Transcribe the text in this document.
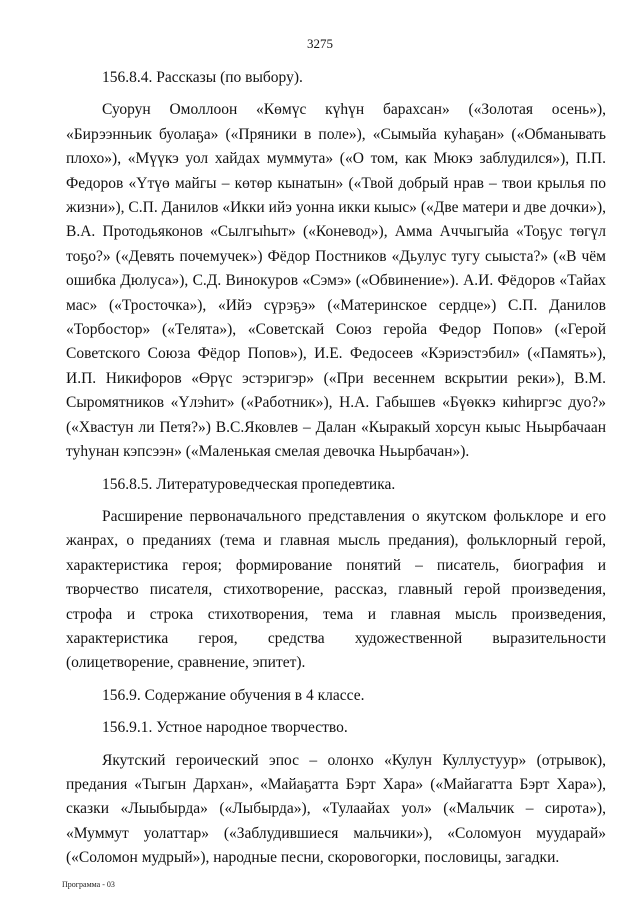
3275

156.8.4. Рассказы (по выбору).

Суорун Омоллоон «Көмүс күһүн барахсан» («Золотая осень»), «Бирээнньик буолаҕа» («Пряники в поле»), «Сымыйа куһаҕан» («Обманывать плохо»), «Мүүкэ уол хайдах муммута» («О том, как Мюкэ заблудился»), П.П. Федоров «Үтүө майгы – көтөр кынатын» («Твой добрый нрав – твои крылья по жизни»), С.П. Данилов «Икки ийэ уонна икки кыыс» («Две матери и две дочки»), В.А. Протодьяконов «Сылгыһыт» («Коневод»), Амма Аччыгыйа «Тоҕус төгүл тоҕо?» («Девять почемучек») Фёдор Постников «Дьулус тугу сыыста?» («В чём ошибка Дюлуса»), С.Д. Винокуров «Сэмэ» («Обвинение»). А.И. Фёдоров «Тайах мас» («Тросточка»), «Ийэ сүрэҕэ» («Материнское сердце») С.П. Данилов «Торбостор» («Телята»), «Советскай Союз геройа Федор Попов» («Герой Советского Союза Фёдор Попов»), И.Е. Федосеев «Кэриэстэбил» («Память»), И.П. Никифоров «Өрүс эстэригэр» («При весеннем вскрытии реки»), В.М. Сыромятников «Үлэһит» («Работник»), Н.А. Габышев «Бүөккэ киһиргэс дуо?» («Хвастун ли Петя?») В.С.Яковлев – Далан «Кыракый хорсун кыыс Ньырбачаан туһунан кэпсээн» («Маленькая смелая девочка Ньырбачан»).

156.8.5. Литературоведческая пропедевтика.

Расширение первоначального представления о якутском фольклоре и его жанрах, о преданиях (тема и главная мысль предания), фольклорный герой, характеристика героя; формирование понятий – писатель, биография и творчество писателя, стихотворение, рассказ, главный герой произведения, строфа и строка стихотворения, тема и главная мысль произведения, характеристика героя, средства художественной выразительности (олицетворение, сравнение, эпитет).

156.9. Содержание обучения в 4 классе.

156.9.1. Устное народное творчество.

Якутский героический эпос – олонхо «Кулун Куллустуур» (отрывок), предания «Тыгын Дархан», «Майаҕатта Бэрт Хара» («Майагатта Бэрт Хара»), сказки «Лыыбырда» («Лыбырда»), «Тулаайах уол» («Мальчик – сирота»), «Муммут уолаттар» («Заблудившиеся мальчики»), «Соломуон муударай» («Соломон мудрый»), народные песни, скоровогорки, пословицы, загадки.

Программа - 03
